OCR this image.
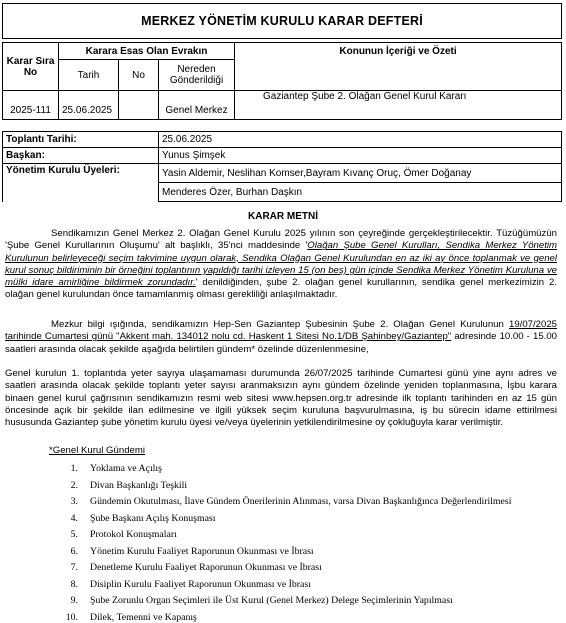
MERKEZ YÖNETİM KURULU KARAR DEFTERİ
Karar Sıra No	Karara Esas Olan Evrakın			Konunun İçeriği ve Özeti
	Tarih	No	Nereden Gönderildiği	
2025-111	25.06.2025		Genel Merkez	Gaziantep Şube 2. Olağan Genel Kurul Kararı
Toplantı Tarihi:	25.06.2025
Başkan:	Yunus Şimşek
Yönetim Kurulu Üyeleri:	Yasin Aldemir, Neslihan Komser,Bayram Kıvanç Oruç, Ömer Doğanay
	Menderes Özer, Burhan Daşkın
KARAR METNİ
Sendikamızın Genel Merkez 2. Olağan Genel Kurulu 2025 yılının son çeyreğinde gerçekleştirilecektir. Tüzüğümüzün 'Şube Genel Kurullarının Oluşumu' alt başlıklı, 35'nci maddesinde 'Olağan Şube Genel Kurulları, Sendika Merkez Yönetim Kurulunun belirleyeceği seçim takvimine uygun olarak, Sendika Olağan Genel Kurulundan en az iki ay önce toplanmak ve genel kurul sonuç bildiriminin bir örneğini toplantının yapıldığı tarihi izleyen 15 (on beş) gün içinde Sendika Merkez Yönetim Kuruluna ve mülki idare amirliğine bildirmek zorundadır.' denildiğinden, şube 2. olağan genel kurullarının, sendika genel merkezimizin 2. olağan genel kurulundan önce tamamlanmış olması gerekliliği anlaşılmaktadır.
Mezkur bilgi ışığında, sendikamızın Hep-Sen Gaziantep Şubesinin Şube 2. Olağan Genel Kurulunun 19/07/2025 tarihinde Cumartesi günü "Akkent mah. 134012 nolu cd. Haskent 1 Sitesi No.1/DB Şahinbey/Gaziantep" adresinde 10.00 - 15.00 saatleri arasında olacak şekilde aşağıda belirtilen gündem* özelinde düzenlenmesine,
Genel kurulun 1. toplantıda yeter sayıya ulaşamaması durumunda 26/07/2025 tarihinde Cumartesi günü yine aynı adres ve saatleri arasında olacak şekilde toplantı yeter sayısı aranmaksızın aynı gündem özelinde yeniden toplanmasına, İşbu karara binaen genel kurul çağrısının sendikamızın resmi web sitesi www.hepsen.org.tr adresinde ilk toplantı tarihinden en az 15 gün öncesinde açık bir şekilde ilan edilmesine ve ilgili yüksek seçim kuruluna başvurulmasına, iş bu sürecin idame ettirilmesi hususunda Gaziantep şube yönetim kurulu üyesi ve/veya üyelerinin yetkilendirilmesine oy çokluğuyla karar verilmiştir.
*Genel Kurul Gündemi
1. Yoklama ve Açılış
2. Divan Başkanlığı Teşkili
3. Gündemin Okutulması, İlave Gündem Önerilerinin Alınması, varsa Divan Başkanlığınca Değerlendirilmesi
4. Şube Başkanı Açılış Konuşması
5. Protokol Konuşmaları
6. Yönetim Kurulu Faaliyet Raporunun Okunması ve İbrası
7. Denetleme Kurulu Faaliyet Raporunun Okunması ve İbrası
8. Disiplin Kurulu Faaliyet Raporunun Okunması ve İbrası
9. Şube Zorunlu Organ Seçimleri ile Üst Kurul (Genel Merkez) Delege Seçimlerinin Yapılması
10. Dilek, Temenni ve Kapanış
